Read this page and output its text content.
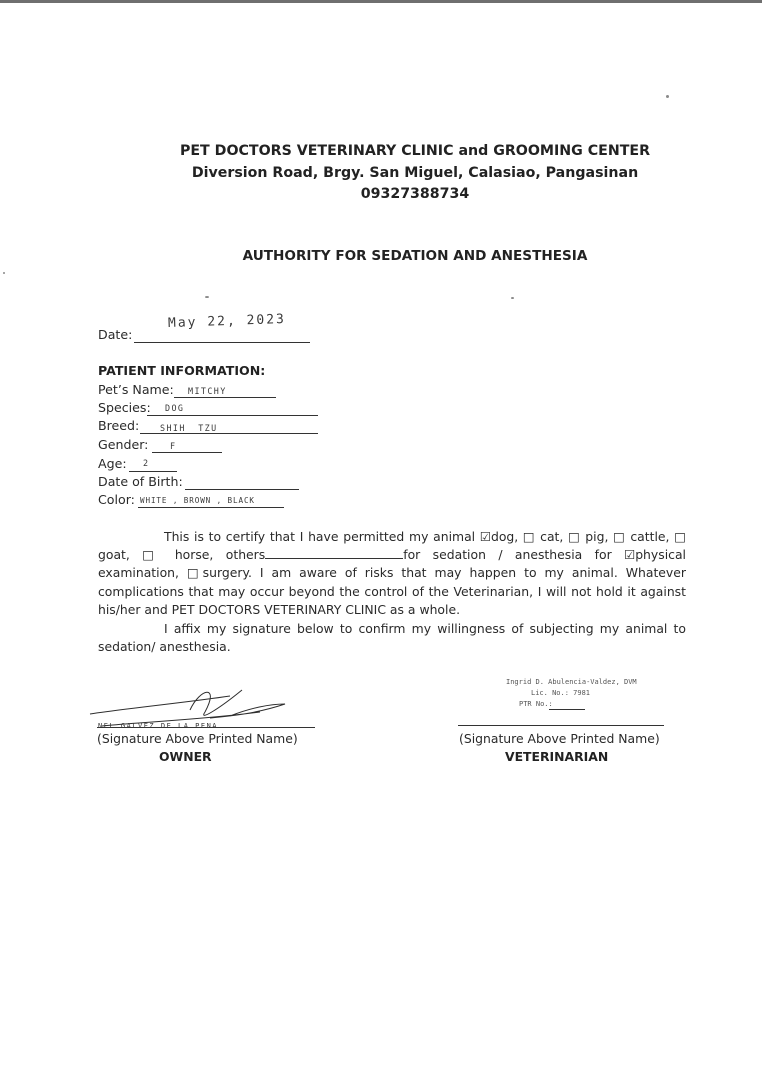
PET DOCTORS VETERINARY CLINIC and GROOMING CENTER
Diversion Road, Brgy. San Miguel, Calasiao, Pangasinan
09327388734
AUTHORITY FOR SEDATION AND ANESTHESIA
Date:
May 22, 2023
PATIENT INFORMATION:
Pet’s Name: MITCHY
Species: DOG
Breed: SHIH TZU
Gender:	F
Age: 2
Date of Birth:
Color: WHITE , BROWN , BLACK
This is to certify that I have permitted my animal ☑dog, □ cat, □ pig, □ cattle, □ goat, □ horse, others	for sedation / anesthesia for ☑physical examination, □surgery. I am aware of risks that may happen to my animal. Whatever complications that may occur beyond the control of the Veterinarian, I will not hold it against his/her and PET DOCTORS VETERINARY CLINIC as a whole.
I affix my signature below to confirm my willingness of subjecting my animal to sedation/ anesthesia.
NEL GALVEZ DE LA PENA
(Signature Above Printed Name)
OWNER
Ingrid D. Abulencia-Valdez, DVM
Lic. No.: 7981
PTR No.:
(Signature Above Printed Name)
VETERINARIAN
